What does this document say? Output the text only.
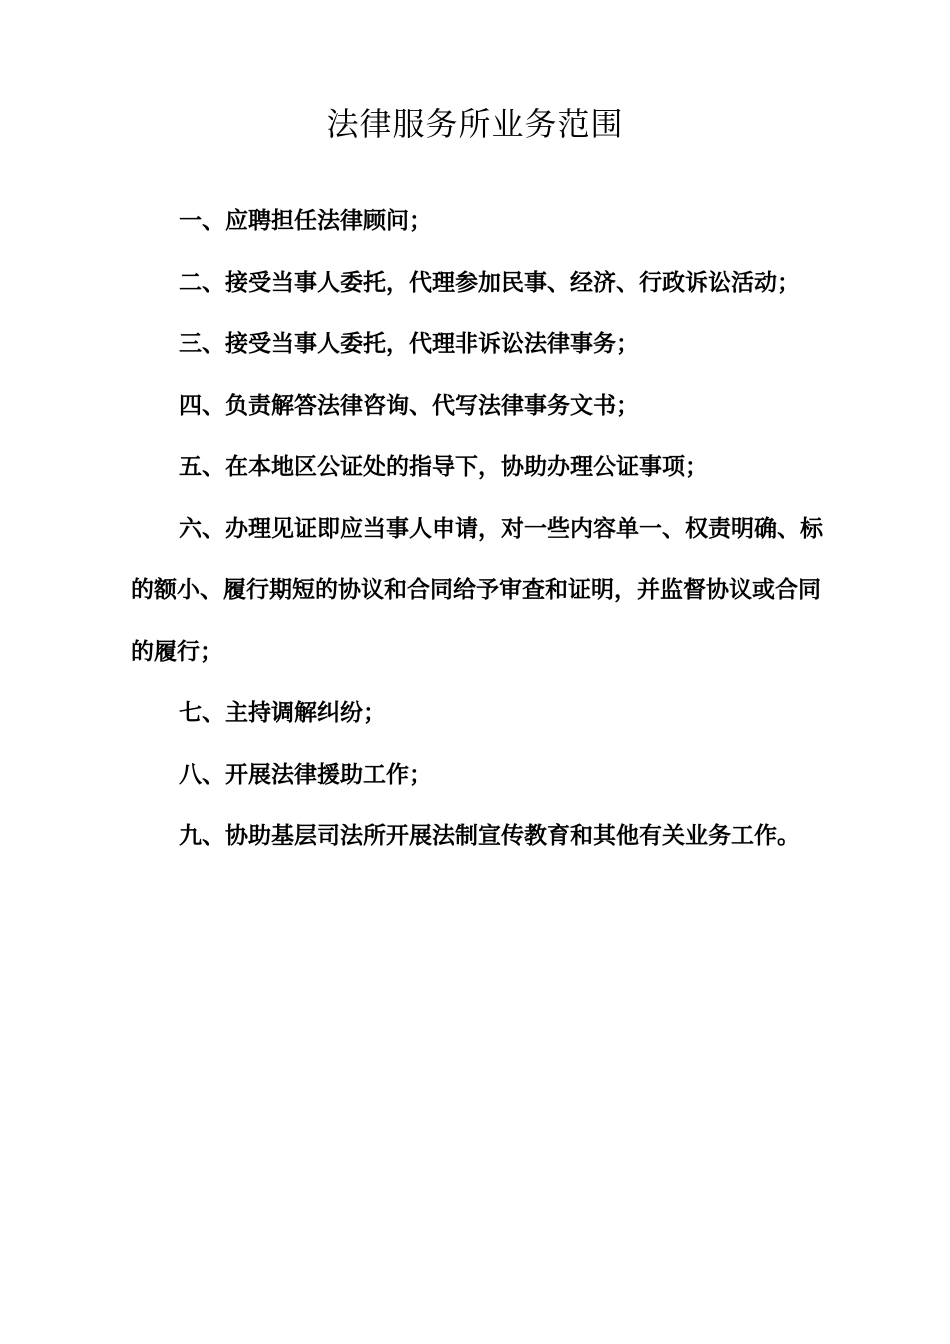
法律服务所业务范围
一、应聘担任法律顾问；
二、接受当事人委托，代理参加民事、经济、行政诉讼活动；
三、接受当事人委托，代理非诉讼法律事务；
四、负责解答法律咨询、代写法律事务文书；
五、在本地区公证处的指导下，协助办理公证事项；
六、办理见证即应当事人申请，对一些内容单一、权责明确、标的额小、履行期短的协议和合同给予审查和证明，并监督协议或合同的履行；
七、主持调解纠纷；
八、开展法律援助工作；
九、协助基层司法所开展法制宣传教育和其他有关业务工作。
